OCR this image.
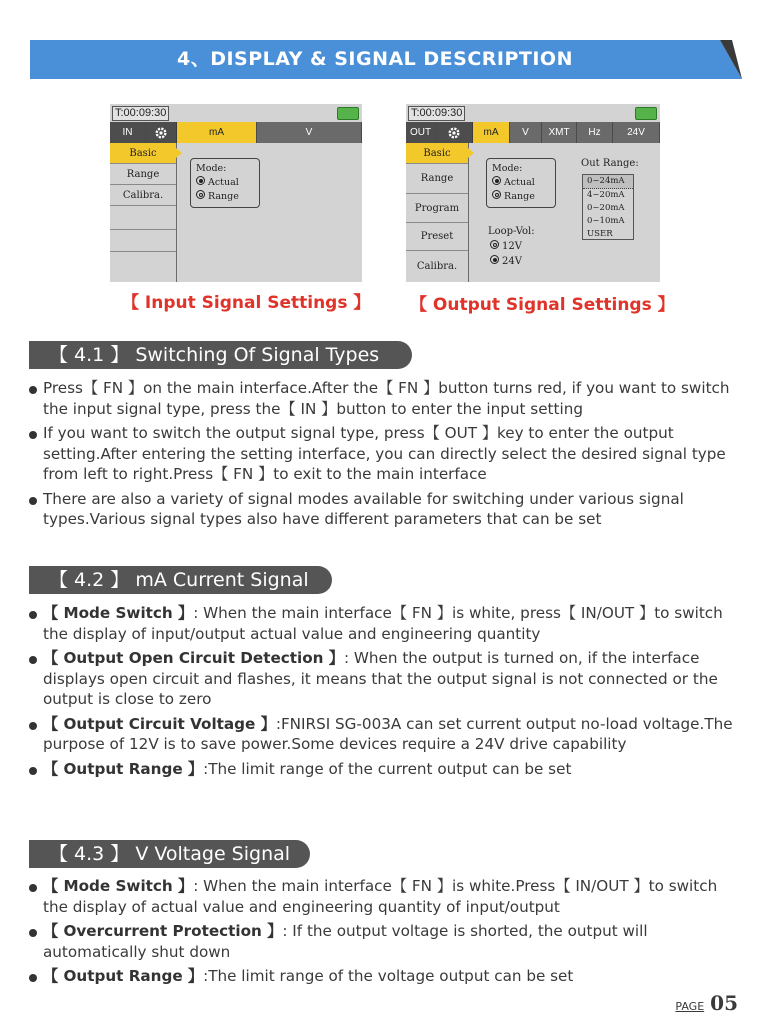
4、DISPLAY & SIGNAL DESCRIPTION
T:00:09:30
IN	mA	V
Basic
Range
Calibra.
Mode:
Actual
Range
【 Input Signal Settings 】
T:00:09:30
OUT	mA	V	XMT	Hz	24V
Basic
Range
Program
Preset
Calibra.
Mode:
Actual
Range
Loop-Vol:
12V
24V
Out Range:
0~24mA
4~20mA
0~20mA
0~10mA
USER
【 Output Signal Settings 】
【 4.1 】 Switching Of Signal Types
Press【 FN 】on the main interface.After the【 FN 】button turns red, if you want to switch the input signal type, press the【 IN 】button to enter the input setting
If you want to switch the output signal type, press【 OUT 】key to enter the output setting.After entering the setting interface, you can directly select the desired signal type from left to right.Press【 FN 】to exit to the main interface
There are also a variety of signal modes available for switching under various signal types.Various signal types also have different parameters that can be set
【 4.2 】 mA Current Signal
【 Mode Switch 】: When the main interface【 FN 】is white, press【 IN/OUT 】to switch the display of input/output actual value and engineering quantity
【 Output Open Circuit Detection 】: When the output is turned on, if the interface displays open circuit and flashes, it means that the output signal is not connected or the output is close to zero
【 Output Circuit Voltage 】:FNIRSI SG-003A can set current output no-load voltage.The purpose of 12V is to save power.Some devices require a 24V drive capability
【 Output Range 】:The limit range of the current output can be set
【 4.3 】 V Voltage Signal
【 Mode Switch 】: When the main interface【 FN 】is white.Press【 IN/OUT 】to switch the display of actual value and engineering quantity of input/output
【 Overcurrent Protection 】: If the output voltage is shorted, the output will automatically shut down
【 Output Range 】:The limit range of the voltage output can be set
PAGE 05
